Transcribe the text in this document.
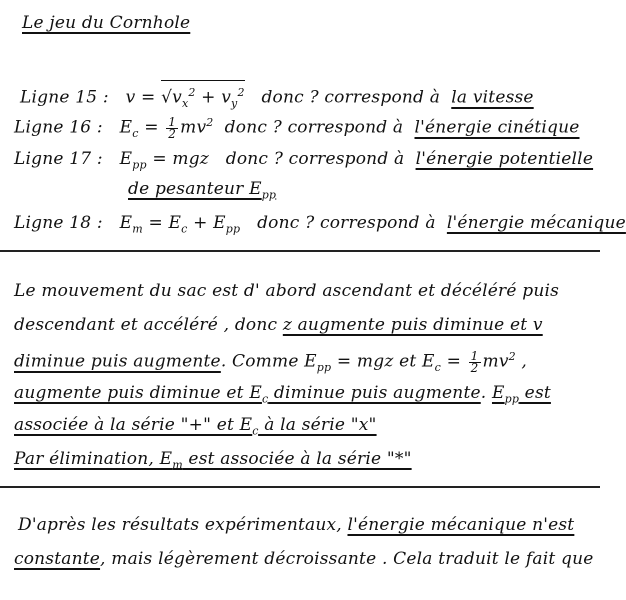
Le jeu du Cornhole
Ligne 15 : $v = √v_x^2 + v_y^2$ donc ? correspond à la vitesse
Ligne 16 : $E_c = \frac{1}{2} mv^2$ donc ? correspond à l'énergie cinétique
Ligne 17 : $E_{pp}$ = mgz donc ? correspond à l'énergie potentielle
de pesanteur $E_{pp}$
Ligne 18 : $E_m = E_c + E_{pp}$ donc ? correspond à l'énergie mécanique
Le mouvement du sac est d' abord ascendant et décéléré puis
descendant et accéléré , donc z augmente puis diminue et v
diminue puis augmente. Comme $E_{pp}$ = mgz et $E_c = \frac{1}{2} mv^2$ ,
augmente puis diminue et $E_c$ diminue puis augmente. $E_{pp}$ est
associée à la série "+" et $E_c$ à la série "x"
Par élimination, $E_m$ est associée à la série "*"
D'après les résultats expérimentaux, l'énergie mécanique n'est
constante, mais légèrement décroissante . Cela traduit le fait que
